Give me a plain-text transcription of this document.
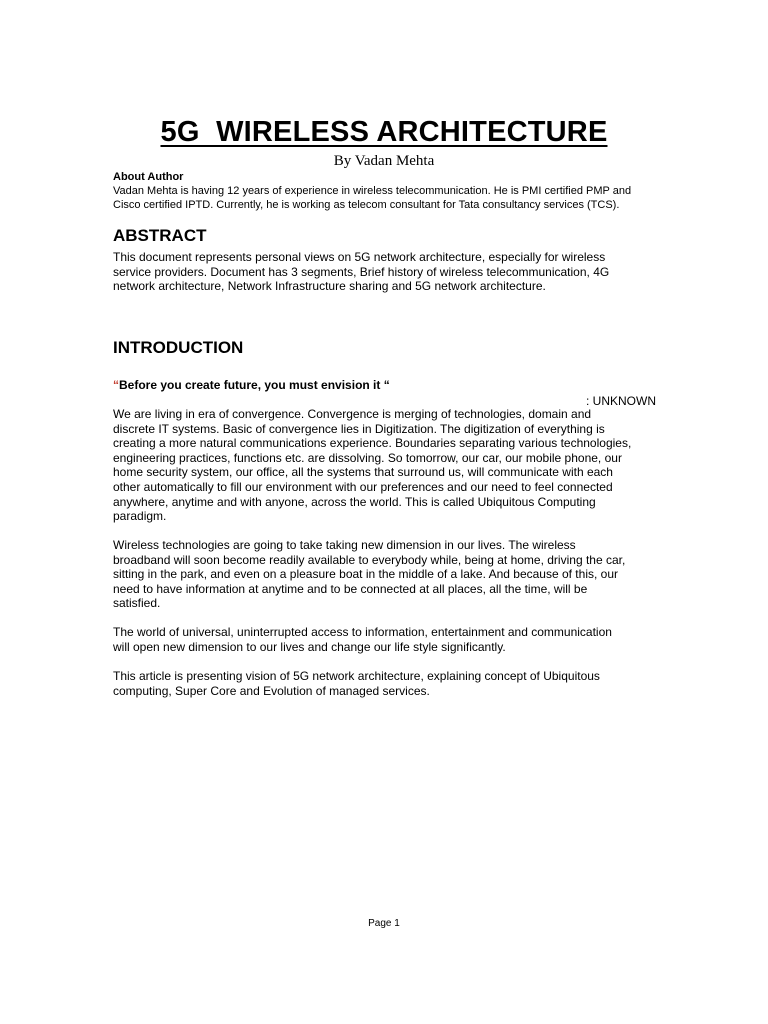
5G  WIRELESS ARCHITECTURE
By Vadan Mehta
About Author
Vadan Mehta is having 12 years of experience in wireless telecommunication. He is PMI certified PMP and
Cisco certified IPTD. Currently, he is working as telecom consultant for Tata consultancy services (TCS).
ABSTRACT
This document represents personal views on 5G network architecture, especially for wireless
service providers. Document has 3 segments, Brief history of wireless telecommunication, 4G
network architecture, Network Infrastructure sharing and 5G network architecture.
INTRODUCTION
“Before you create future, you must envision it “
: UNKNOWN
We are living in era of convergence. Convergence is merging of technologies, domain and
discrete IT systems. Basic of convergence lies in Digitization. The digitization of everything is
creating a more natural communications experience. Boundaries separating various technologies,
engineering practices, functions etc. are dissolving. So tomorrow, our car, our mobile phone, our
home security system, our office, all the systems that surround us, will communicate with each
other automatically to fill our environment with our preferences and our need to feel connected
anywhere, anytime and with anyone, across the world. This is called Ubiquitous Computing
paradigm.
Wireless technologies are going to take taking new dimension in our lives. The wireless
broadband will soon become readily available to everybody while, being at home, driving the car,
sitting in the park, and even on a pleasure boat in the middle of a lake. And because of this, our
need to have information at anytime and to be connected at all places, all the time, will be
satisfied.
The world of universal, uninterrupted access to information, entertainment and communication
will open new dimension to our lives and change our life style significantly.
This article is presenting vision of 5G network architecture, explaining concept of Ubiquitous
computing, Super Core and Evolution of managed services.
Page 1
